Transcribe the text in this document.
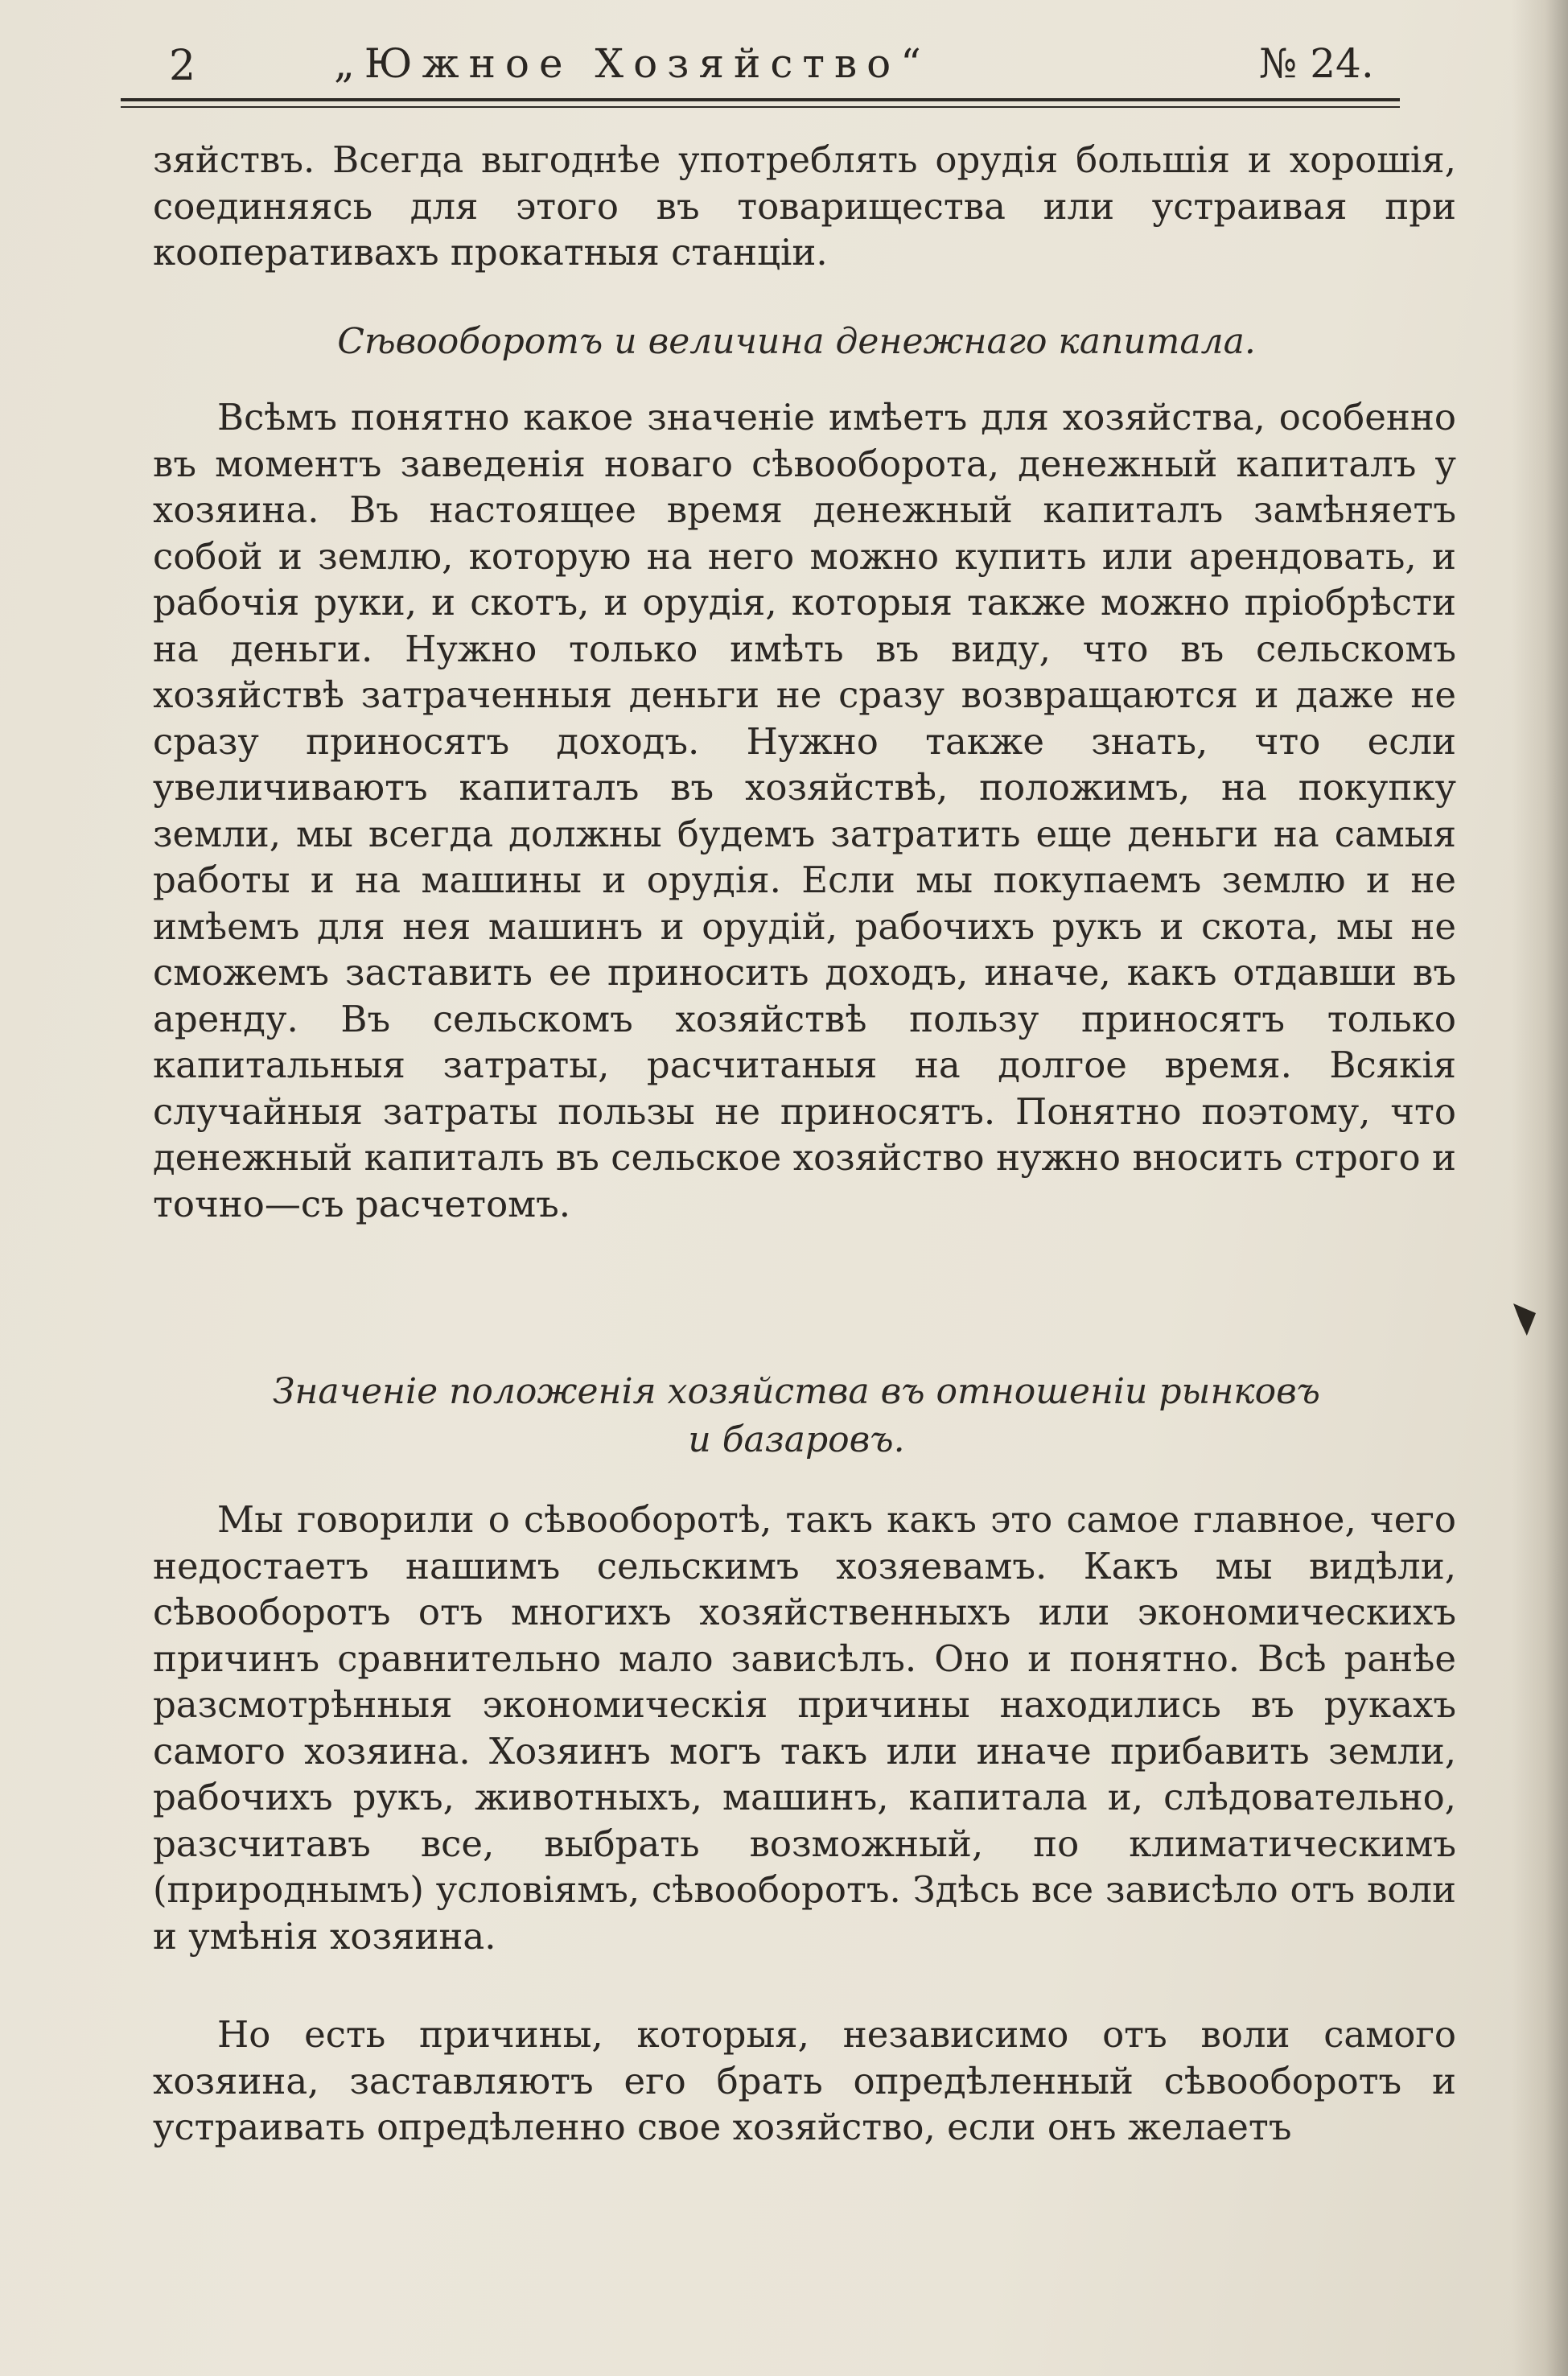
2	„Южное Хозяйство“	№ 24.

зяйствъ. Всегда выгоднѣе употреблять орудія большія и хорошія, соединяясь для этого въ товарищества или устраивая при кооперативахъ прокатныя станціи.

Сѣвооборотъ и величина денежнаго капитала.

Всѣмъ понятно какое значеніе имѣетъ для хозяйства, особенно въ моментъ заведенія новаго сѣвооборота, денежный капиталъ у хозяина. Въ настоящее время денежный капиталъ замѣняетъ собой и землю, которую на него можно купить или арендовать, и рабочія руки, и скотъ, и орудія, которыя также можно пріобрѣсти на деньги. Нужно только имѣть въ виду, что въ сельскомъ хозяйствѣ затраченныя деньги не сразу возвращаются и даже не сразу приносятъ доходъ. Нужно также знать, что если увеличиваютъ капиталъ въ хозяйствѣ, положимъ, на покупку земли, мы всегда должны будемъ затратить еще деньги на самыя работы и на машины и орудія. Если мы покупаемъ землю и не имѣемъ для нея машинъ и орудій, рабочихъ рукъ и скота, мы не сможемъ заставить ее приносить доходъ, иначе, какъ отдавши въ аренду. Въ сельскомъ хозяйствѣ пользу приносятъ только капитальныя затраты, расчитаныя на долгое время. Всякія случайныя затраты пользы не приносятъ. Понятно поэтому, что денежный капиталъ въ сельское хозяйство нужно вносить строго и точно—съ расчетомъ.

Значеніе положенія хозяйства въ отношеніи рынковъ
и базаровъ.

Мы говорили о сѣвооборотѣ, такъ какъ это самое главное, чего недостаетъ нашимъ сельскимъ хозяевамъ. Какъ мы видѣли, сѣвооборотъ отъ многихъ хозяйственныхъ или экономическихъ причинъ сравнительно мало зависѣлъ. Оно и понятно. Всѣ ранѣе разсмотрѣнныя экономическія причины находились въ рукахъ самого хозяина. Хозяинъ могъ такъ или иначе прибавить земли, рабочихъ рукъ, животныхъ, машинъ, капитала и, слѣдовательно, разсчитавъ все, выбрать возможный, по климатическимъ (природнымъ) условіямъ, сѣвооборотъ. Здѣсь все зависѣло отъ воли и умѣнія хозяина.

Но есть причины, которыя, независимо отъ воли самого хозяина, заставляютъ его брать опредѣленный сѣвооборотъ и устраивать опредѣленно свое хозяйство, если онъ желаетъ
